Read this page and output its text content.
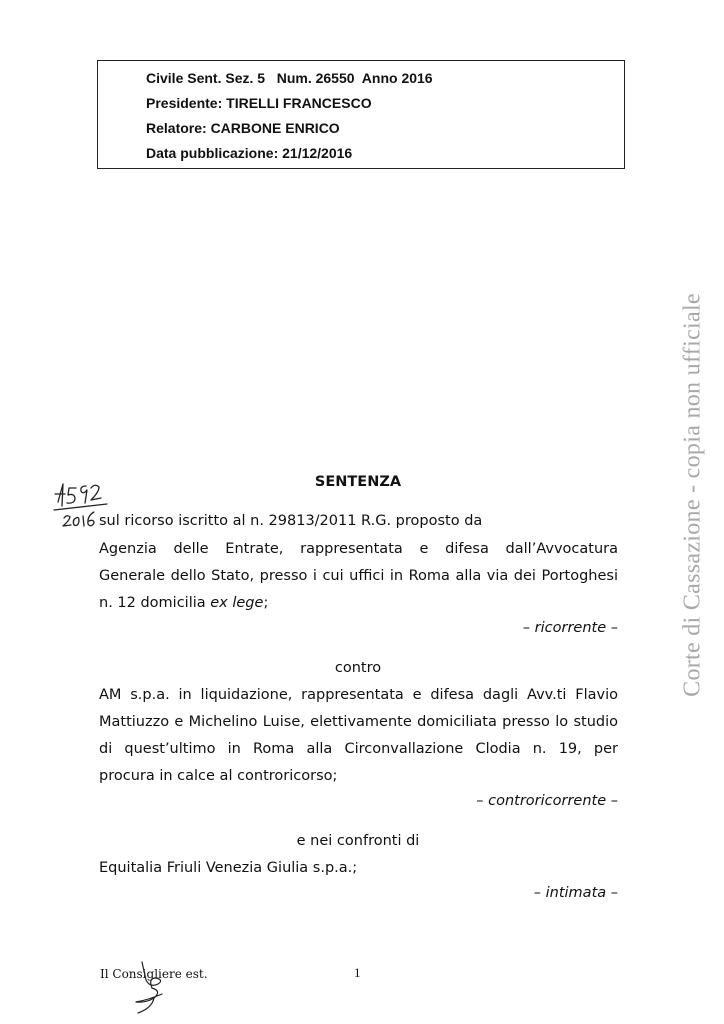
Civile Sent. Sez. 5   Num. 26550  Anno 2016
Presidente: TIRELLI FRANCESCO
Relatore: CARBONE ENRICO
Data pubblicazione: 21/12/2016
SENTENZA
sul ricorso iscritto al n. 29813/2011 R.G. proposto da
Agenzia delle Entrate, rappresentata e difesa dall’Avvocatura
Generale dello Stato, presso i cui uffici in Roma alla via dei Portoghesi
n. 12 domicilia ex lege;
– ricorrente –
contro
AM s.p.a. in liquidazione, rappresentata e difesa dagli Avv.ti Flavio
Mattiuzzo e Michelino Luise, elettivamente domiciliata presso lo studio
di quest’ultimo in Roma alla Circonvallazione Clodia n. 19, per
procura in calce al controricorso;
– controricorrente –
e nei confronti di
Equitalia Friuli Venezia Giulia s.p.a.;
– intimata –
Corte di Cassazione - copia non ufficiale
Il Consigliere est.	1
